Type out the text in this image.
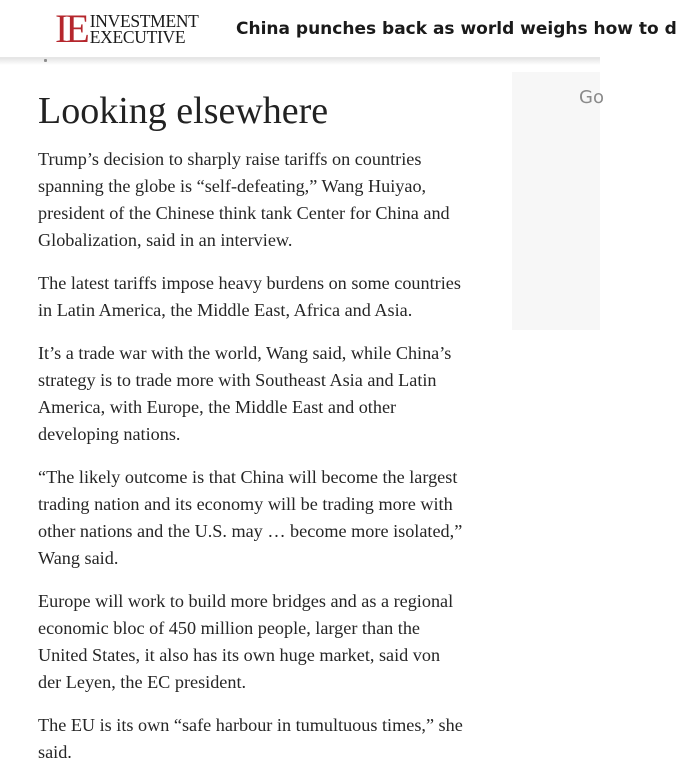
IE INVESTMENT
EXECUTIVE	China punches back as world weighs how to d
Go
Looking elsewhere

Trump’s decision to sharply raise tariffs on countries
spanning the globe is “self-defeating,” Wang Huiyao,
president of the Chinese think tank Center for China and
Globalization, said in an interview.

The latest tariffs impose heavy burdens on some countries
in Latin America, the Middle East, Africa and Asia.

It’s a trade war with the world, Wang said, while China’s
strategy is to trade more with Southeast Asia and Latin
America, with Europe, the Middle East and other
developing nations.

“The likely outcome is that China will become the largest
trading nation and its economy will be trading more with
other nations and the U.S. may … become more isolated,”
Wang said.

Europe will work to build more bridges and as a regional
economic bloc of 450 million people, larger than the
United States, it also has its own huge market, said von
der Leyen, the EC president.

The EU is its own “safe harbour in tumultuous times,” she
said.
